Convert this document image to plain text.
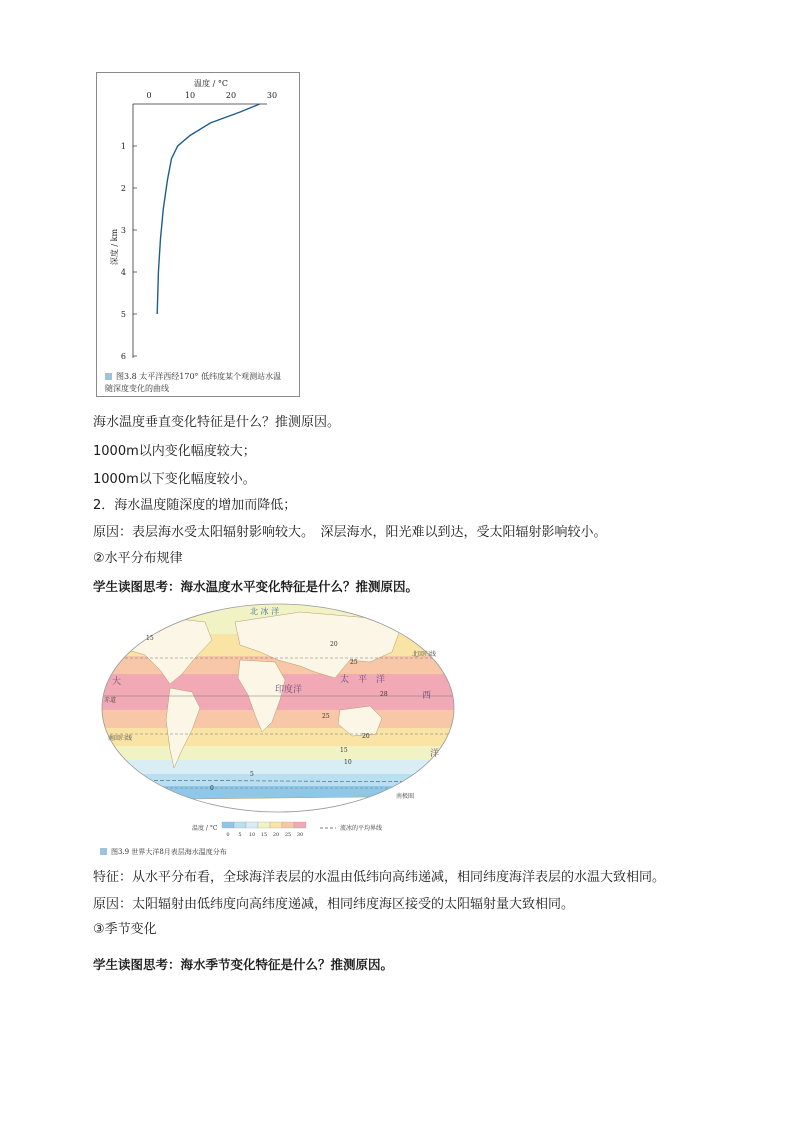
温度 / °C
0	10	20	30
1
2
3
4
5
6
深度 / km
图3.8 太平洋西经170° 低纬度某个观测站水温
随深度变化的曲线
海水温度垂直变化特征是什么？推测原因。
1000m以内变化幅度较大；
1000m以下变化幅度较小。
2．海水温度随深度的增加而降低；
原因：表层海水受太阳辐射影响较大。　深层海水，阳光难以到达，受太阳辐射影响较小。
②水平分布规律
学生读图思考：海水温度水平变化特征是什么？推测原因。
北 冰 洋
印度洋
太　平　洋
大
西
洋
北回归线
赤道
南回归线
南极圈
15
20
25
28
25
20
15
10
5
0
温度 / °C
0 5 10 15 20 25 30
流冰的平均界线
图3.9 世界大洋8月表层海水温度分布
特征：从水平分布看，全球海洋表层的水温由低纬向高纬递减，相同纬度海洋表层的水温大致相同。
原因：太阳辐射由低纬度向高纬度递减，相同纬度海区接受的太阳辐射量大致相同。
③季节变化
学生读图思考：海水季节变化特征是什么？推测原因。
